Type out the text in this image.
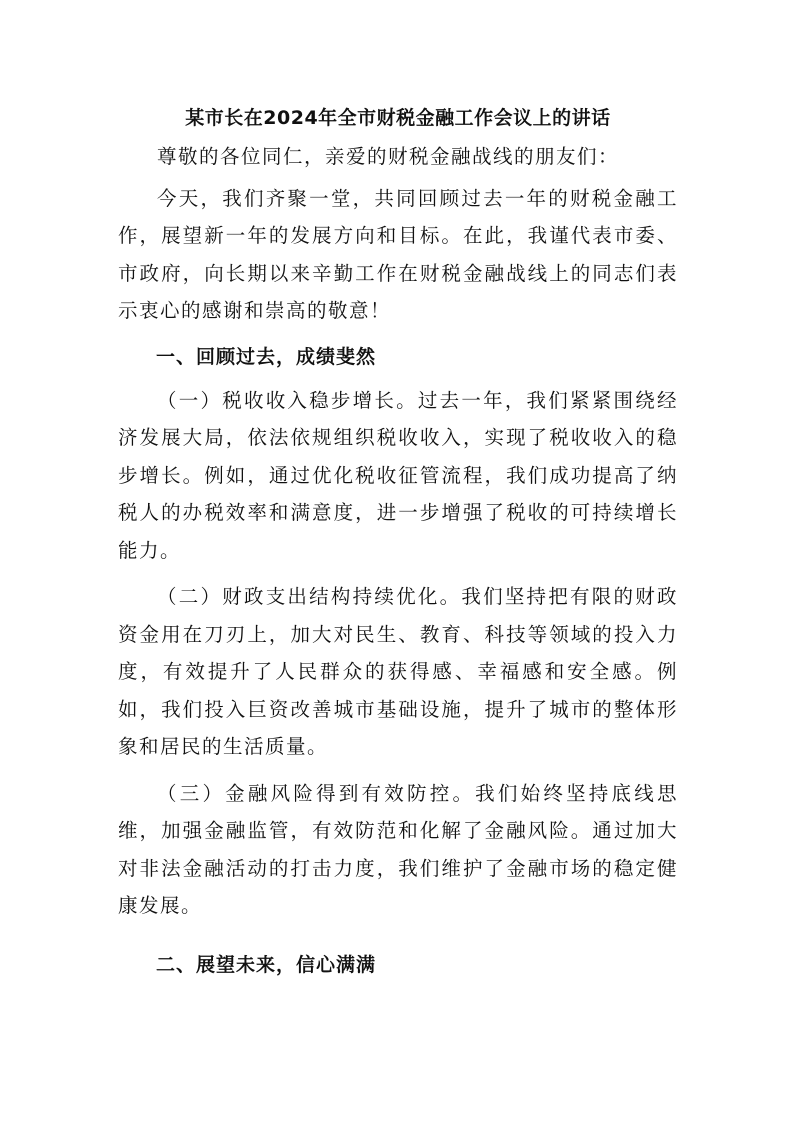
某市长在2024年全市财税金融工作会议上的讲话

尊敬的各位同仁，亲爱的财税金融战线的朋友们：

今天，我们齐聚一堂，共同回顾过去一年的财税金融工作，展望新一年的发展方向和目标。在此，我谨代表市委、市政府，向长期以来辛勤工作在财税金融战线上的同志们表示衷心的感谢和崇高的敬意！

一、回顾过去，成绩斐然

（一）税收收入稳步增长。过去一年，我们紧紧围绕经济发展大局，依法依规组织税收收入，实现了税收收入的稳步增长。例如，通过优化税收征管流程，我们成功提高了纳税人的办税效率和满意度，进一步增强了税收的可持续增长能力。

（二）财政支出结构持续优化。我们坚持把有限的财政资金用在刀刃上，加大对民生、教育、科技等领域的投入力度，有效提升了人民群众的获得感、幸福感和安全感。例如，我们投入巨资改善城市基础设施，提升了城市的整体形象和居民的生活质量。

（三）金融风险得到有效防控。我们始终坚持底线思维，加强金融监管，有效防范和化解了金融风险。通过加大对非法金融活动的打击力度，我们维护了金融市场的稳定健康发展。

二、展望未来，信心满满
